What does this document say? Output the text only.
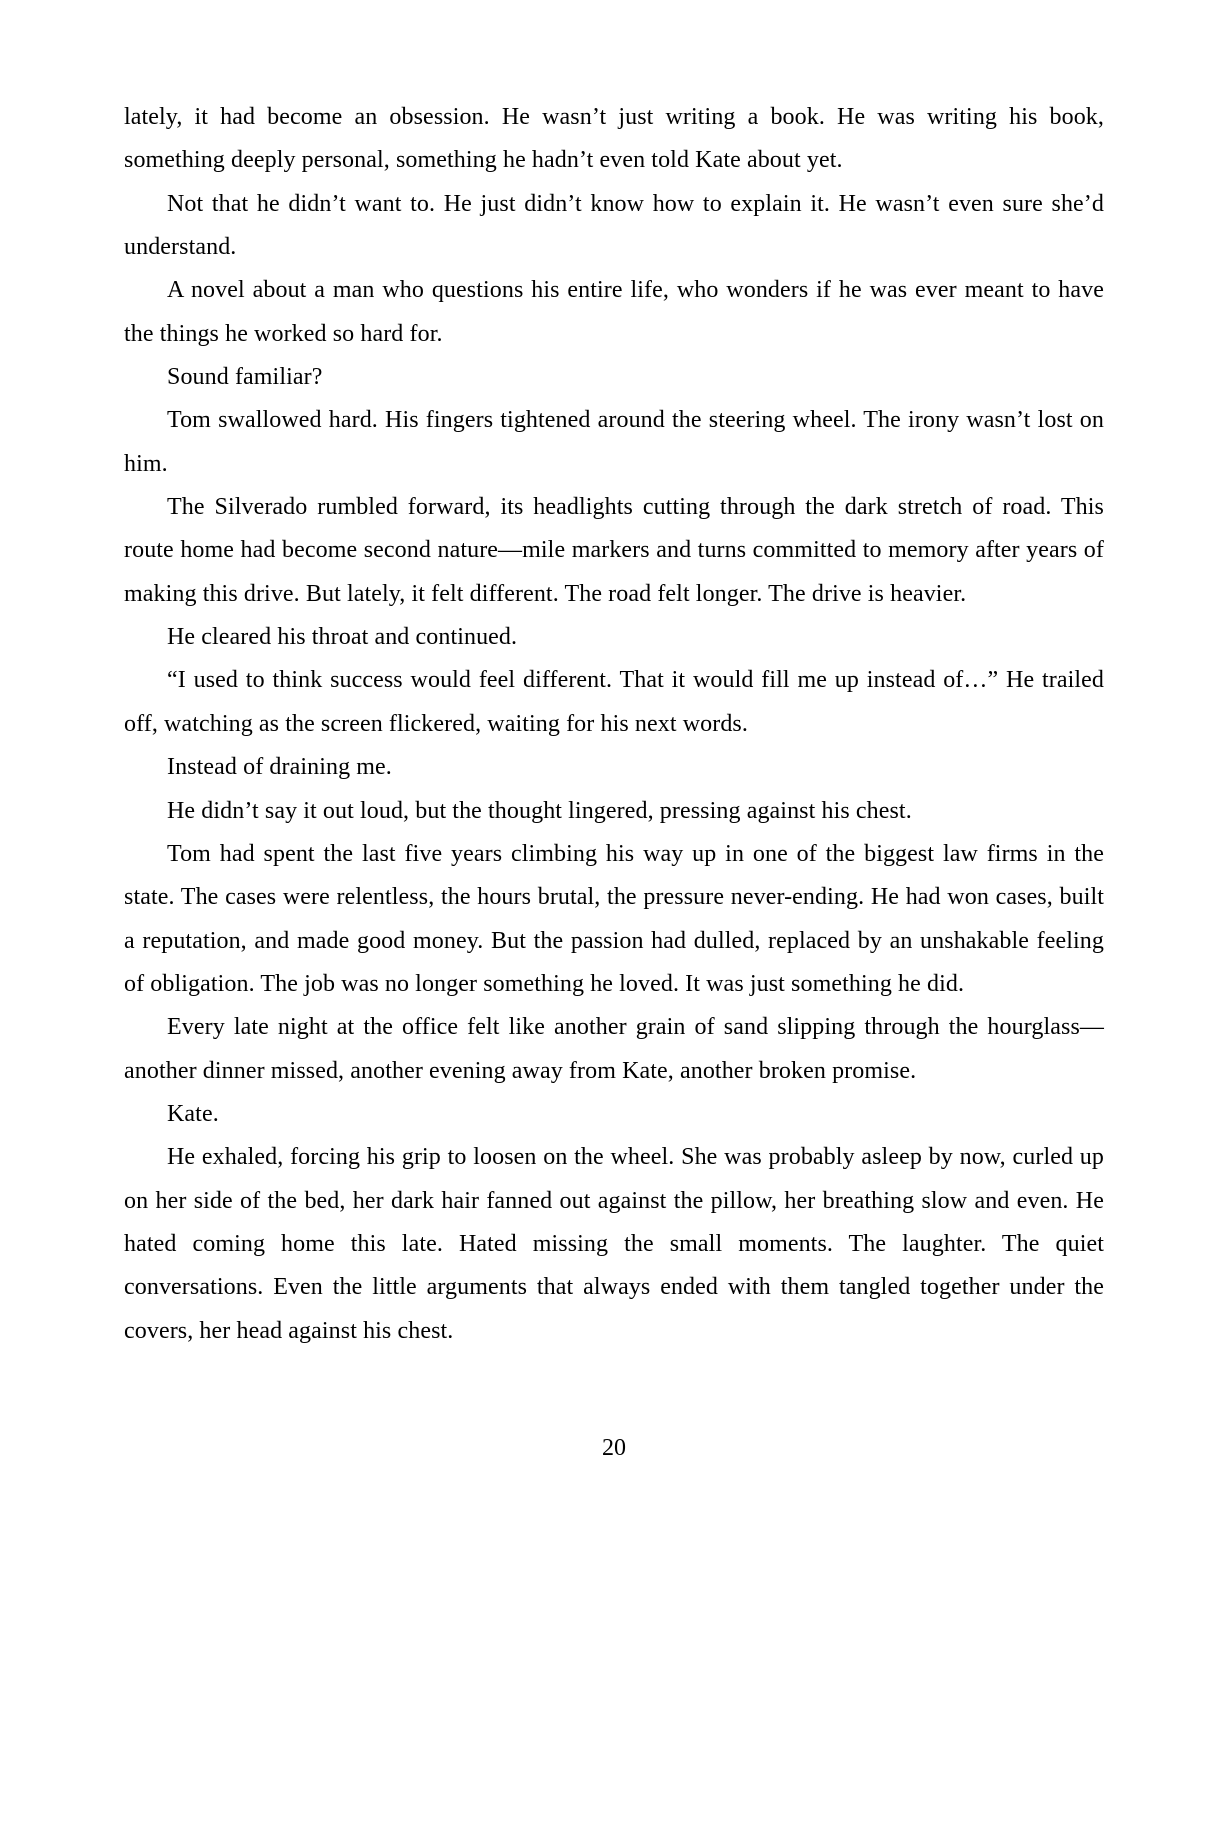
lately, it had become an obsession. He wasn’t just writing a book. He was writing his book, something deeply personal, something he hadn’t even told Kate about yet.

Not that he didn’t want to. He just didn’t know how to explain it. He wasn’t even sure she’d understand.

A novel about a man who questions his entire life, who wonders if he was ever meant to have the things he worked so hard for.

Sound familiar?

Tom swallowed hard. His fingers tightened around the steering wheel. The irony wasn’t lost on him.

The Silverado rumbled forward, its headlights cutting through the dark stretch of road. This route home had become second nature—mile markers and turns committed to memory after years of making this drive. But lately, it felt different. The road felt longer. The drive is heavier.

He cleared his throat and continued.

“I used to think success would feel different. That it would fill me up instead of…” He trailed off, watching as the screen flickered, waiting for his next words.

Instead of draining me.

He didn’t say it out loud, but the thought lingered, pressing against his chest.

Tom had spent the last five years climbing his way up in one of the biggest law firms in the state. The cases were relentless, the hours brutal, the pressure never-ending. He had won cases, built a reputation, and made good money. But the passion had dulled, replaced by an unshakable feeling of obligation. The job was no longer something he loved. It was just something he did.

Every late night at the office felt like another grain of sand slipping through the hourglass—another dinner missed, another evening away from Kate, another broken promise.

Kate.

He exhaled, forcing his grip to loosen on the wheel. She was probably asleep by now, curled up on her side of the bed, her dark hair fanned out against the pillow, her breathing slow and even. He hated coming home this late. Hated missing the small moments. The laughter. The quiet conversations. Even the little arguments that always ended with them tangled together under the covers, her head against his chest.

20
